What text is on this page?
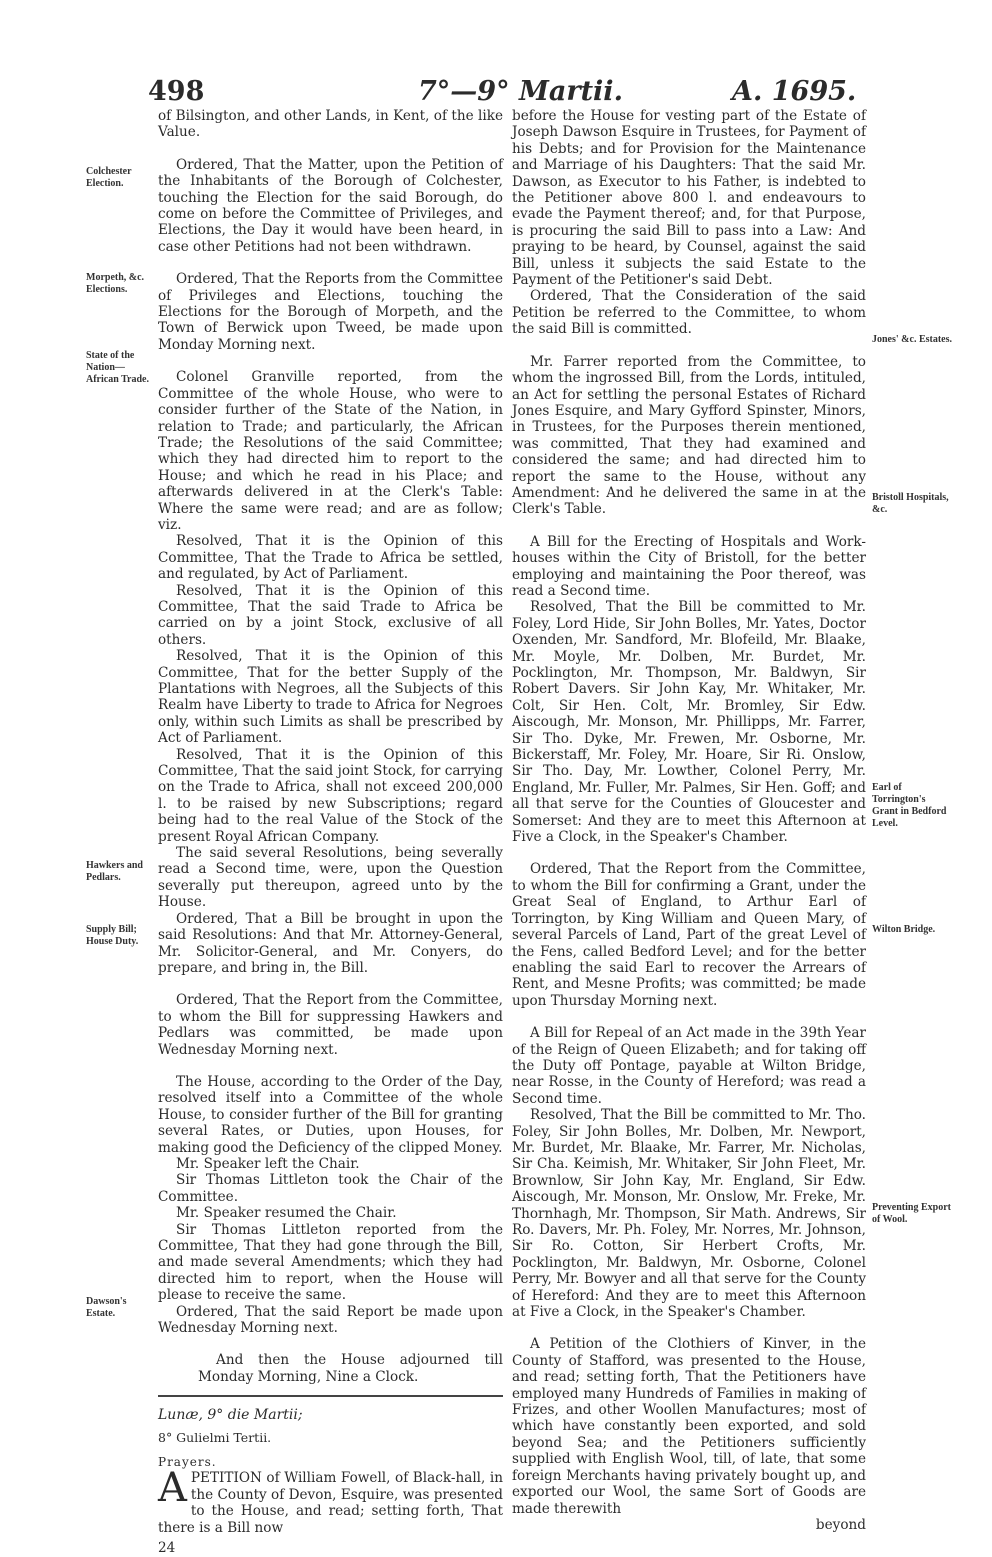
498	7°—9° Martii.	A. 1695.
Colchester Election.
Morpeth, &c. Elections.
State of the Nation—African Trade.
Hawkers and Pedlars.
Supply Bill; House Duty.
Dawson's Estate.
Jones' &c. Estates.
Bristoll Hospitals, &c.
Earl of Torrington's Grant in Bedford Level.
Wilton Bridge.
Preventing Export of Wool.

of Bilsington, and other Lands, in Kent, of the like Value.

Ordered, That the Matter, upon the Petition of the Inhabitants of the Borough of Colchester, touching the Election for the said Borough, do come on before the Committee of Privileges, and Elections, the Day it would have been heard, in case other Petitions had not been withdrawn.

Ordered, That the Reports from the Committee of Privileges and Elections, touching the Elections for the Borough of Morpeth, and the Town of Berwick upon Tweed, be made upon Monday Morning next.

Colonel Granville reported, from the Committee of the whole House, who were to consider further of the State of the Nation, in relation to Trade; and particularly, the African Trade; the Resolutions of the said Committee; which they had directed him to report to the House; and which he read in his Place; and afterwards delivered in at the Clerk's Table: Where the same were read; and are as follow; viz.

Resolved, That it is the Opinion of this Committee, That the Trade to Africa be settled, and regulated, by Act of Parliament.

Resolved, That it is the Opinion of this Committee, That the said Trade to Africa be carried on by a joint Stock, exclusive of all others.

Resolved, That it is the Opinion of this Committee, That for the better Supply of the Plantations with Negroes, all the Subjects of this Realm have Liberty to trade to Africa for Negroes only, within such Limits as shall be prescribed by Act of Parliament.

Resolved, That it is the Opinion of this Committee, That the said joint Stock, for carrying on the Trade to Africa, shall not exceed 200,000 l. to be raised by new Subscriptions; regard being had to the real Value of the Stock of the present Royal African Company.

The said several Resolutions, being severally read a Second time, were, upon the Question severally put thereupon, agreed unto by the House.

Ordered, That a Bill be brought in upon the said Resolutions: And that Mr. Attorney-General, Mr. Solicitor-General, and Mr. Conyers, do prepare, and bring in, the Bill.

Ordered, That the Report from the Committee, to whom the Bill for suppressing Hawkers and Pedlars was committed, be made upon Wednesday Morning next.

The House, according to the Order of the Day, resolved itself into a Committee of the whole House, to consider further of the Bill for granting several Rates, or Duties, upon Houses, for making good the Deficiency of the clipped Money.

Mr. Speaker left the Chair.

Sir Thomas Littleton took the Chair of the Committee.

Mr. Speaker resumed the Chair.

Sir Thomas Littleton reported from the Committee, That they had gone through the Bill, and made several Amendments; which they had directed him to report, when the House will please to receive the same.

Ordered, That the said Report be made upon Wednesday Morning next.

And then the House adjourned till Monday Morning, Nine a Clock.

Lunæ, 9° die Martii;

8° Gulielmi Tertii.

Prayers.

APETITION of William Fowell, of Black-hall, in the County of Devon, Esquire, was presented to the House, and read; setting forth, That there is a Bill now

24

before the House for vesting part of the Estate of Joseph Dawson Esquire in Trustees, for Payment of his Debts; and for Provision for the Maintenance and Marriage of his Daughters: That the said Mr. Dawson, as Executor to his Father, is indebted to the Petitioner above 800 l. and endeavours to evade the Payment thereof; and, for that Purpose, is procuring the said Bill to pass into a Law: And praying to be heard, by Counsel, against the said Bill, unless it subjects the said Estate to the Payment of the Petitioner's said Debt.

Ordered, That the Consideration of the said Petition be referred to the Committee, to whom the said Bill is committed.

Mr. Farrer reported from the Committee, to whom the ingrossed Bill, from the Lords, intituled, an Act for settling the personal Estates of Richard Jones Esquire, and Mary Gyfford Spinster, Minors, in Trustees, for the Purposes therein mentioned, was committed, That they had examined and considered the same; and had directed him to report the same to the House, without any Amendment: And he delivered the same in at the Clerk's Table.

A Bill for the Erecting of Hospitals and Work-houses within the City of Bristoll, for the better employing and maintaining the Poor thereof, was read a Second time.

Resolved, That the Bill be committed to Mr. Foley, Lord Hide, Sir John Bolles, Mr. Yates, Doctor Oxenden, Mr. Sandford, Mr. Blofeild, Mr. Blaake, Mr. Moyle, Mr. Dolben, Mr. Burdet, Mr. Pocklington, Mr. Thompson, Mr. Baldwyn, Sir Robert Davers. Sir John Kay, Mr. Whitaker, Mr. Colt, Sir Hen. Colt, Mr. Bromley, Sir Edw. Aiscough, Mr. Monson, Mr. Phillipps, Mr. Farrer, Sir Tho. Dyke, Mr. Frewen, Mr. Osborne, Mr. Bickerstaff, Mr. Foley, Mr. Hoare, Sir Ri. Onslow, Sir Tho. Day, Mr. Lowther, Colonel Perry, Mr. England, Mr. Fuller, Mr. Palmes, Sir Hen. Goff; and all that serve for the Counties of Gloucester and Somerset: And they are to meet this Afternoon at Five a Clock, in the Speaker's Chamber.

Ordered, That the Report from the Committee, to whom the Bill for confirming a Grant, under the Great Seal of England, to Arthur Earl of Torrington, by King William and Queen Mary, of several Parcels of Land, Part of the great Level of the Fens, called Bedford Level; and for the better enabling the said Earl to recover the Arrears of Rent, and Mesne Profits; was committed; be made upon Thursday Morning next.

A Bill for Repeal of an Act made in the 39th Year of the Reign of Queen Elizabeth; and for taking off the Duty off Pontage, payable at Wilton Bridge, near Rosse, in the County of Hereford; was read a Second time.

Resolved, That the Bill be committed to Mr. Tho. Foley, Sir John Bolles, Mr. Dolben, Mr. Newport, Mr. Burdet, Mr. Blaake, Mr. Farrer, Mr. Nicholas, Sir Cha. Keimish, Mr. Whitaker, Sir John Fleet, Mr. Brownlow, Sir John Kay, Mr. England, Sir Edw. Aiscough, Mr. Monson, Mr. Onslow, Mr. Freke, Mr. Thornhagh, Mr. Thompson, Sir Math. Andrews, Sir Ro. Davers, Mr. Ph. Foley, Mr. Norres, Mr. Johnson, Sir Ro. Cotton, Sir Herbert Crofts, Mr. Pocklington, Mr. Baldwyn, Mr. Osborne, Colonel Perry, Mr. Bowyer and all that serve for the County of Hereford: And they are to meet this Afternoon at Five a Clock, in the Speaker's Chamber.

A Petition of the Clothiers of Kinver, in the County of Stafford, was presented to the House, and read; setting forth, That the Petitioners have employed many Hundreds of Families in making of Frizes, and other Woollen Manufactures; most of which have constantly been exported, and sold beyond Sea; and the Petitioners sufficiently supplied with English Wool, till, of late, that some foreign Merchants having privately bought up, and exported our Wool, the same Sort of Goods are made therewith

beyond
